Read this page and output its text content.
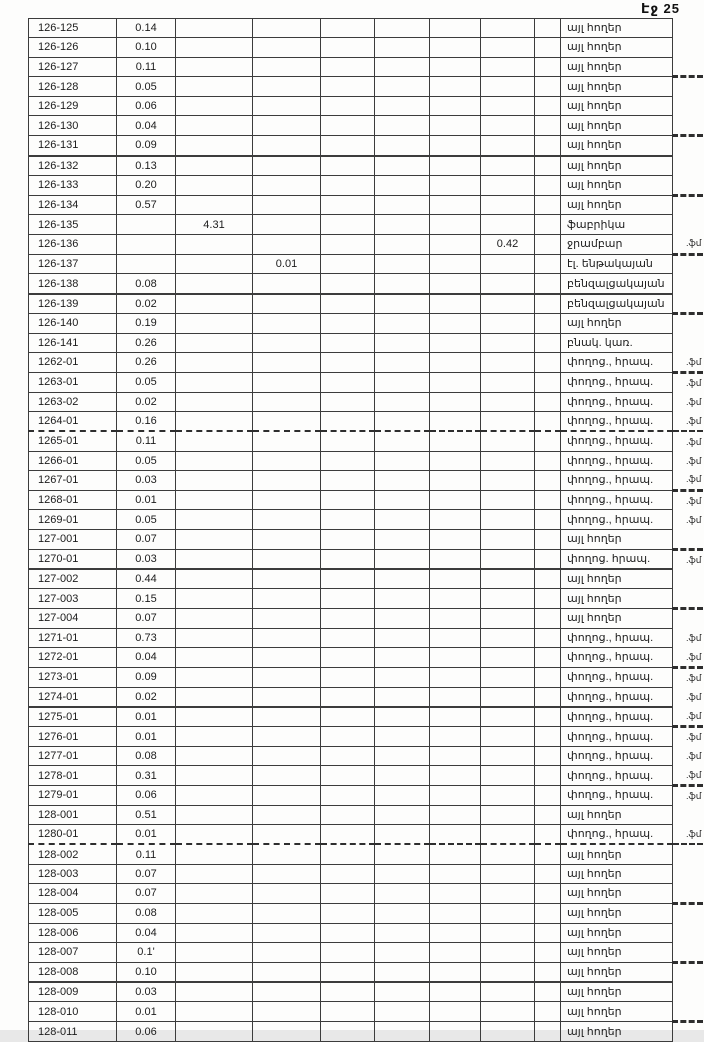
Էջ 25
126-125	0.14								այլ հողեր	
126-126	0.10								այլ հողեր	
126-127	0.11								այլ հողեր	
126-128	0.05								այլ հողեր	
126-129	0.06								այլ հողեր	
126-130	0.04								այլ հողեր	
126-131	0.09								այլ հողեր	
126-132	0.13								այլ հողեր	
126-133	0.20								այլ հողեր	
126-134	0.57								այլ հողեր	
126-135		4.31							ֆաբրիկա	
126-136							0.42		ջրամբար	.ֆմ
126-137			0.01						էլ. ենթակայան	
126-138	0.08								բենզալցակայան	
126-139	0.02								բենզալցակայան	
126-140	0.19								այլ հողեր	
126-141	0.26								բնակ. կառ.	
1262-01	0.26								փողոց., հրապ.	.ֆմ
1263-01	0.05								փողոց., հրապ.	.ֆմ
1263-02	0.02								փողոց., հրապ.	.ֆմ
1264-01	0.16								փողոց., հրապ.	.ֆմ
1265-01	0.11								փողոց., հրապ.	.ֆմ
1266-01	0.05								փողոց., հրապ.	.ֆմ
1267-01	0.03								փողոց., հրապ.	.ֆմ
1268-01	0.01								փողոց., հրապ.	.ֆմ
1269-01	0.05								փողոց., հրապ.	.ֆմ
127-001	0.07								այլ հողեր	
1270-01	0.03								փողոց. հրապ.	.ֆմ
127-002	0.44								այլ հողեր	
127-003	0.15								այլ հողեր	
127-004	0.07								այլ հողեր	
1271-01	0.73								փողոց., հրապ.	.ֆմ
1272-01	0.04								փողոց., հրապ.	.ֆմ
1273-01	0.09								փողոց., հրապ.	.ֆմ
1274-01	0.02								փողոց., հրապ.	.ֆմ
1275-01	0.01								փողոց., հրապ.	.ֆմ
1276-01	0.01								փողոց., հրապ.	.ֆմ
1277-01	0.08								փողոց., հրապ.	.ֆմ
1278-01	0.31								փողոց., հրապ.	.ֆմ
1279-01	0.06								փողոց., հրապ.	.ֆմ
128-001	0.51								այլ հողեր	
1280-01	0.01								փողոց., հրապ.	.ֆմ
128-002	0.11								այլ հողեր	
128-003	0.07								այլ հողեր	
128-004	0.07								այլ հողեր	
128-005	0.08								այլ հողեր	
128-006	0.04								այլ հողեր	
128-007	0.1'								այլ հողեր	
128-008	0.10								այլ հողեր	
128-009	0.03								այլ հողեր	
128-010	0.01								այլ հողեր	
128-011	0.06								այլ հողեր	
